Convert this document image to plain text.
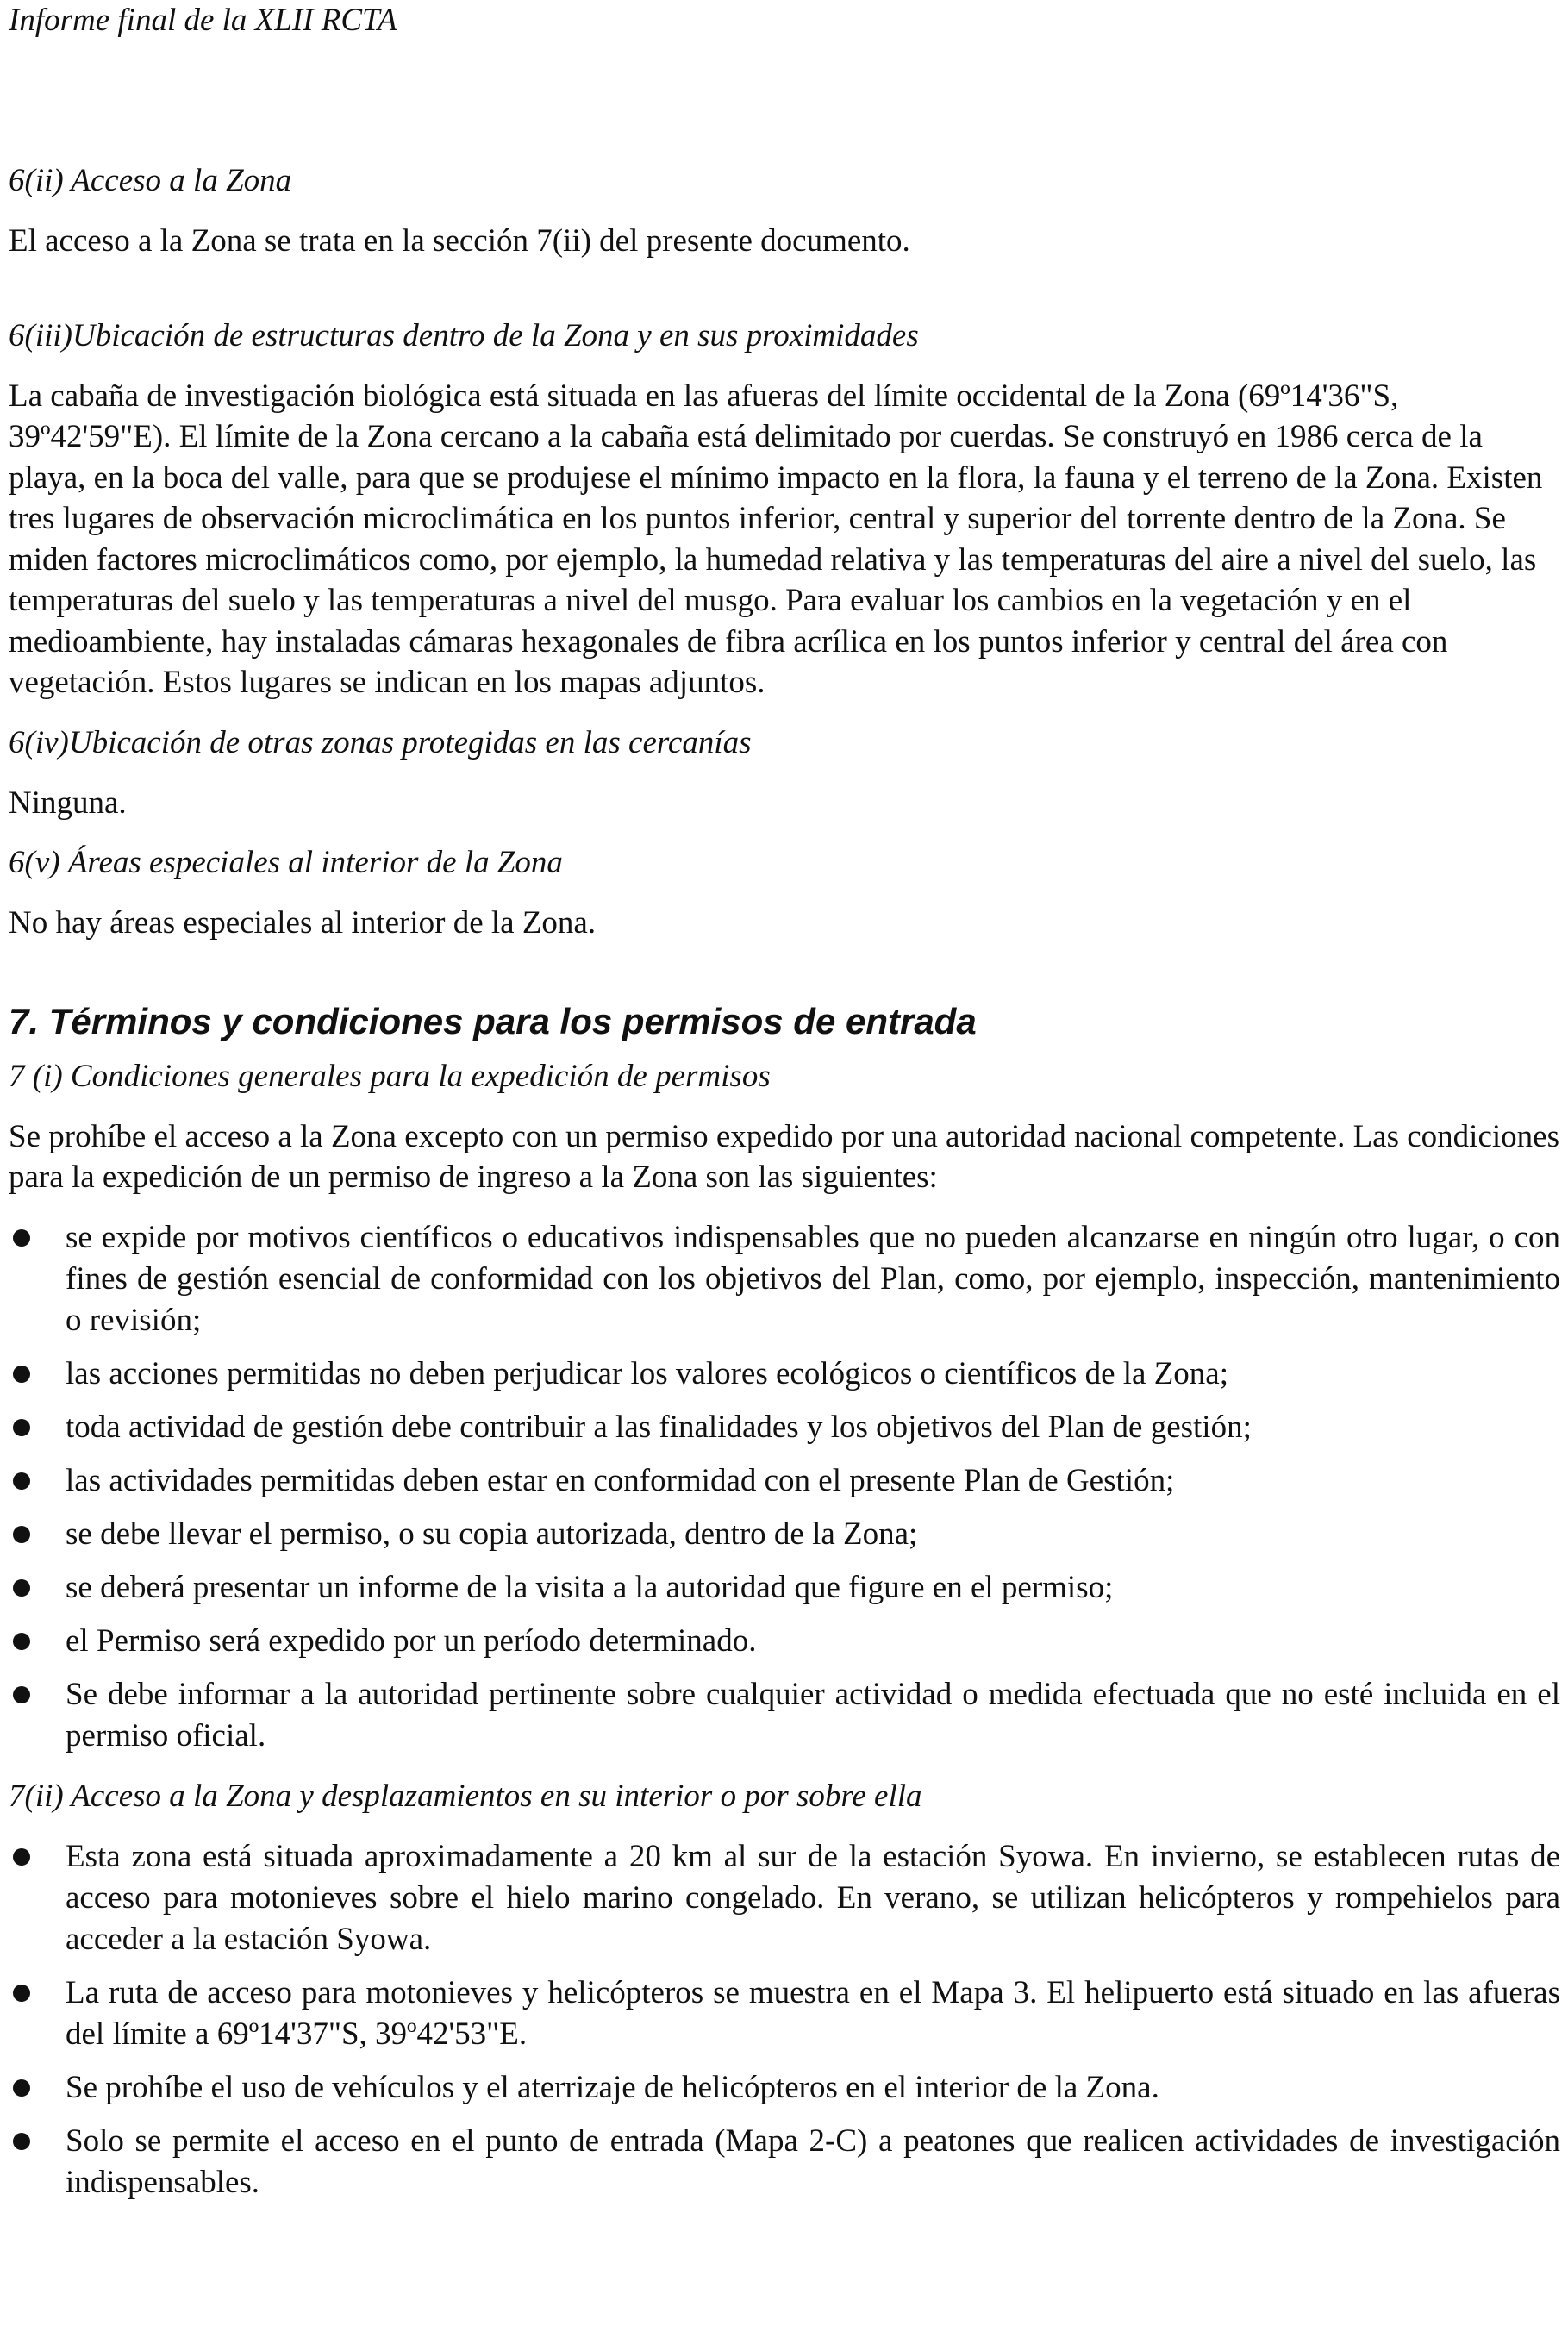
Informe final de la XLII RCTA
6(ii) Acceso a la Zona
El acceso a la Zona se trata en la sección 7(ii) del presente documento.
6(iii)Ubicación de estructuras dentro de la Zona y en sus proximidades
La cabaña de investigación biológica está situada en las afueras del límite occidental de la Zona (69º14'36"S, 39º42'59"E). El límite de la Zona cercano a la cabaña está delimitado por cuerdas. Se construyó en 1986 cerca de la playa, en la boca del valle, para que se produjese el mínimo impacto en la flora, la fauna y el terreno de la Zona. Existen tres lugares de observación microclimática en los puntos inferior, central y superior del torrente dentro de la Zona. Se miden factores microclimáticos como, por ejemplo, la humedad relativa y las temperaturas del aire a nivel del suelo, las temperaturas del suelo y las temperaturas a nivel del musgo. Para evaluar los cambios en la vegetación y en el medioambiente, hay instaladas cámaras hexagonales de fibra acrílica en los puntos inferior y central del área con vegetación. Estos lugares se indican en los mapas adjuntos.
6(iv)Ubicación de otras zonas protegidas en las cercanías
Ninguna.
6(v) Áreas especiales al interior de la Zona
No hay áreas especiales al interior de la Zona.
7. Términos y condiciones para los permisos de entrada
7 (i) Condiciones generales para la expedición de permisos
Se prohíbe el acceso a la Zona excepto con un permiso expedido por una autoridad nacional competente. Las condiciones para la expedición de un permiso de ingreso a la Zona son las siguientes:
se expide por motivos científicos o educativos indispensables que no pueden alcanzarse en ningún otro lugar, o con fines de gestión esencial de conformidad con los objetivos del Plan, como, por ejemplo, inspección, mantenimiento o revisión;
las acciones permitidas no deben perjudicar los valores ecológicos o científicos de la Zona;
toda actividad de gestión debe contribuir a las finalidades y los objetivos del Plan de gestión;
las actividades permitidas deben estar en conformidad con el presente Plan de Gestión;
se debe llevar el permiso, o su copia autorizada, dentro de la Zona;
se deberá presentar un informe de la visita a la autoridad que figure en el permiso;
el Permiso será expedido por un período determinado.
Se debe informar a la autoridad pertinente sobre cualquier actividad o medida efectuada que no esté incluida en el permiso oficial.
7(ii) Acceso a la Zona y desplazamientos en su interior o por sobre ella
Esta zona está situada aproximadamente a 20 km al sur de la estación Syowa. En invierno, se establecen rutas de acceso para motonieves sobre el hielo marino congelado. En verano, se utilizan helicópteros y rompehielos para acceder a la estación Syowa.
La ruta de acceso para motonieves y helicópteros se muestra en el Mapa 3. El helipuerto está situado en las afueras del límite a 69º14'37"S, 39º42'53"E.
Se prohíbe el uso de vehículos y el aterrizaje de helicópteros en el interior de la Zona.
Solo se permite el acceso en el punto de entrada (Mapa 2-C) a peatones que realicen actividades de investigación indispensables.
